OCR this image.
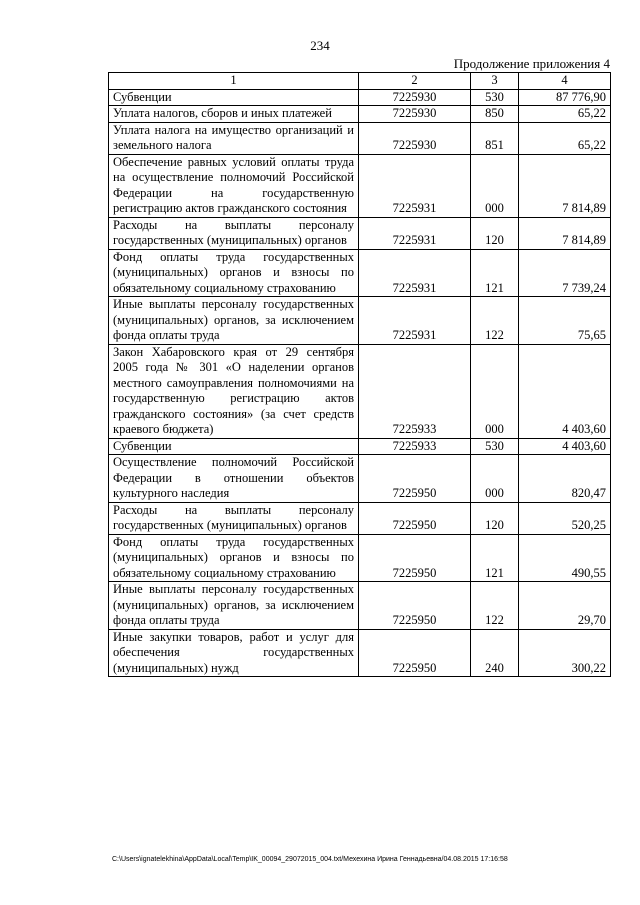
234
Продолжение приложения 4
1	2	3	4
Субвенции	7225930	530	87 776,90
Уплата налогов, сборов и иных платежей	7225930	850	65,22
Уплата налога на имущество организаций и земельного налога	7225930	851	65,22
Обеспечение равных условий оплаты труда на осуществление полномочий Российской Федерации на государственную регистрацию актов гражданского состояния	7225931	000	7 814,89
Расходы на выплаты персоналу государственных (муниципальных) органов	7225931	120	7 814,89
Фонд оплаты труда государственных (муниципальных) органов и взносы по обязательному социальному страхованию	7225931	121	7 739,24
Иные выплаты персоналу государственных (муниципальных) органов, за исключением фонда оплаты труда	7225931	122	75,65
Закон Хабаровского края от 29 сентября 2005 года № 301 «О наделении органов местного самоуправления полномочиями на государственную регистрацию актов гражданского состояния» (за счет средств краевого бюджета)	7225933	000	4 403,60
Субвенции	7225933	530	4 403,60
Осуществление полномочий Российской Федерации в отношении объектов культурного наследия	7225950	000	820,47
Расходы на выплаты персоналу государственных (муниципальных) органов	7225950	120	520,25
Фонд оплаты труда государственных (муниципальных) органов и взносы по обязательному социальному страхованию	7225950	121	490,55
Иные выплаты персоналу государственных (муниципальных) органов, за исключением фонда оплаты труда	7225950	122	29,70
Иные закупки товаров, работ и услуг для обеспечения государственных (муниципальных) нужд	7225950	240	300,22
C:\Users\ignatelekhina\AppData\Local\Temp\IK_00094_29072015_004.txt/Мехехина Ирина Геннадьевна/04.08.2015 17:16:58
